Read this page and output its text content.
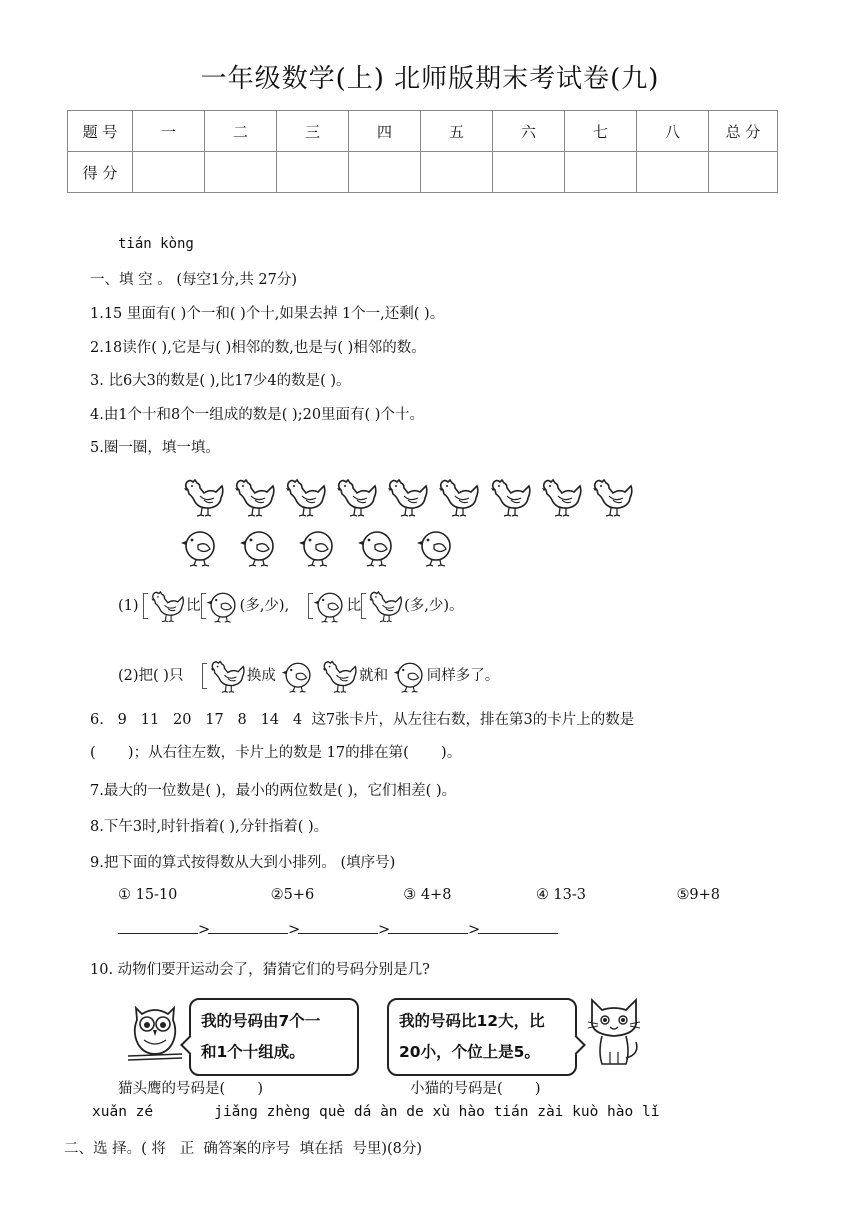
一年级数学(上) 北师版期末考试卷(九)
题 号	一	二	三	四	五	六	七	八	总 分
得 分									
tián kòng
一、填 空 。 (每空1分,共 27分)
1.15 里面有( )个一和( )个十,如果去掉 1个一,还剩( )。
2.18读作( ),它是与( )相邻的数,也是与( )相邻的数。
3. 比6大3的数是( ),比17少4的数是( )。
4.由1个十和8个一组成的数是( );20里面有( )个十。
5.圈一圈，填一填。

(1)	比	(多,少),	比	(多,少)。
(2)把( )只	换成	就和	同样多了。
6.   9   11   20   17   8   14   4  这7张卡片，从左往右数，排在第3的卡片上的数是
(       )；从右往左数，卡片上的数是 17的排在第(       )。
7.最大的一位数是( )，最小的两位数是( )，它们相差( )。
8.下午3时,时针指着( ),分针指着( )。
9.把下面的算式按得数从大到小排列。 (填序号)
① 15-10	②5+6	③ 4+8	④ 13-3	⑤9+8
>	>	>	>
10. 动物们要开运动会了，猜猜它们的号码分别是几?
我的号码由7个一
和1个十组成。
我的号码比12大，比
20小，个位上是5。
猫头鹰的号码是(       )	小猫的号码是(       )
xuǎn zé       jiǎng zhèng què dá àn de xù hào tián zài kuò hào lǐ
二、选 择。( 将   正  确答案的序号  填在括  号里)(8分)
